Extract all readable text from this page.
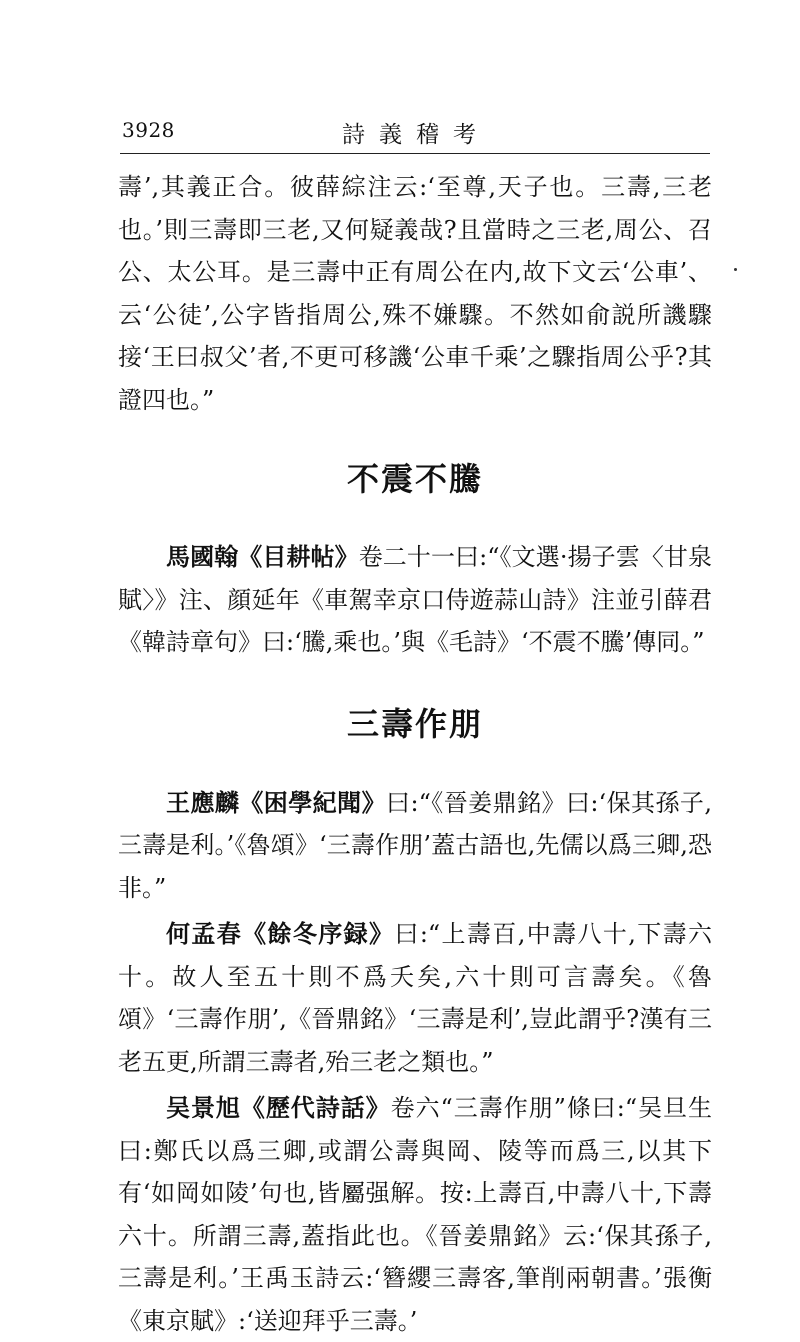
3928	詩義稽考

壽’,其義正合。彼薛綜注云:‘至尊,天子也。三壽,三老也。’則三壽即三老,又何疑義哉?且當時之三老,周公、召公、太公耳。是三壽中正有周公在内,故下文云‘公車’、云‘公徒’,公字皆指周公,殊不嫌驟。不然如俞説所譏驟接‘王曰叔父’者,不更可移譏‘公車千乘’之驟指周公乎?其證四也。”

不震不騰

馬國翰《目耕帖》卷二十一曰:“《文選·揚子雲〈甘泉賦〉》注、顔延年《車駕幸京口侍遊蒜山詩》注並引薛君《韓詩章句》曰:‘騰,乘也。’與《毛詩》‘不震不騰’傳同。”

三壽作朋

王應麟《困學紀聞》曰:“《晉姜鼎銘》曰:‘保其孫子,三壽是利。’《魯頌》‘三壽作朋’蓋古語也,先儒以爲三卿,恐非。”

何孟春《餘冬序録》曰:“上壽百,中壽八十,下壽六十。故人至五十則不爲夭矣,六十則可言壽矣。《魯頌》‘三壽作朋’,《晉鼎銘》‘三壽是利’,豈此謂乎?漢有三老五更,所謂三壽者,殆三老之類也。”

吴景旭《歷代詩話》卷六“三壽作朋”條曰:“吴旦生曰:鄭氏以爲三卿,或謂公壽與岡、陵等而爲三,以其下有‘如岡如陵’句也,皆屬强解。按:上壽百,中壽八十,下壽六十。所謂三壽,蓋指此也。《晉姜鼎銘》云:‘保其孫子,三壽是利。’王禹玉詩云:‘簪纓三壽客,筆削兩朝書。’張衡《東京賦》:‘送迎拜乎三壽。’
